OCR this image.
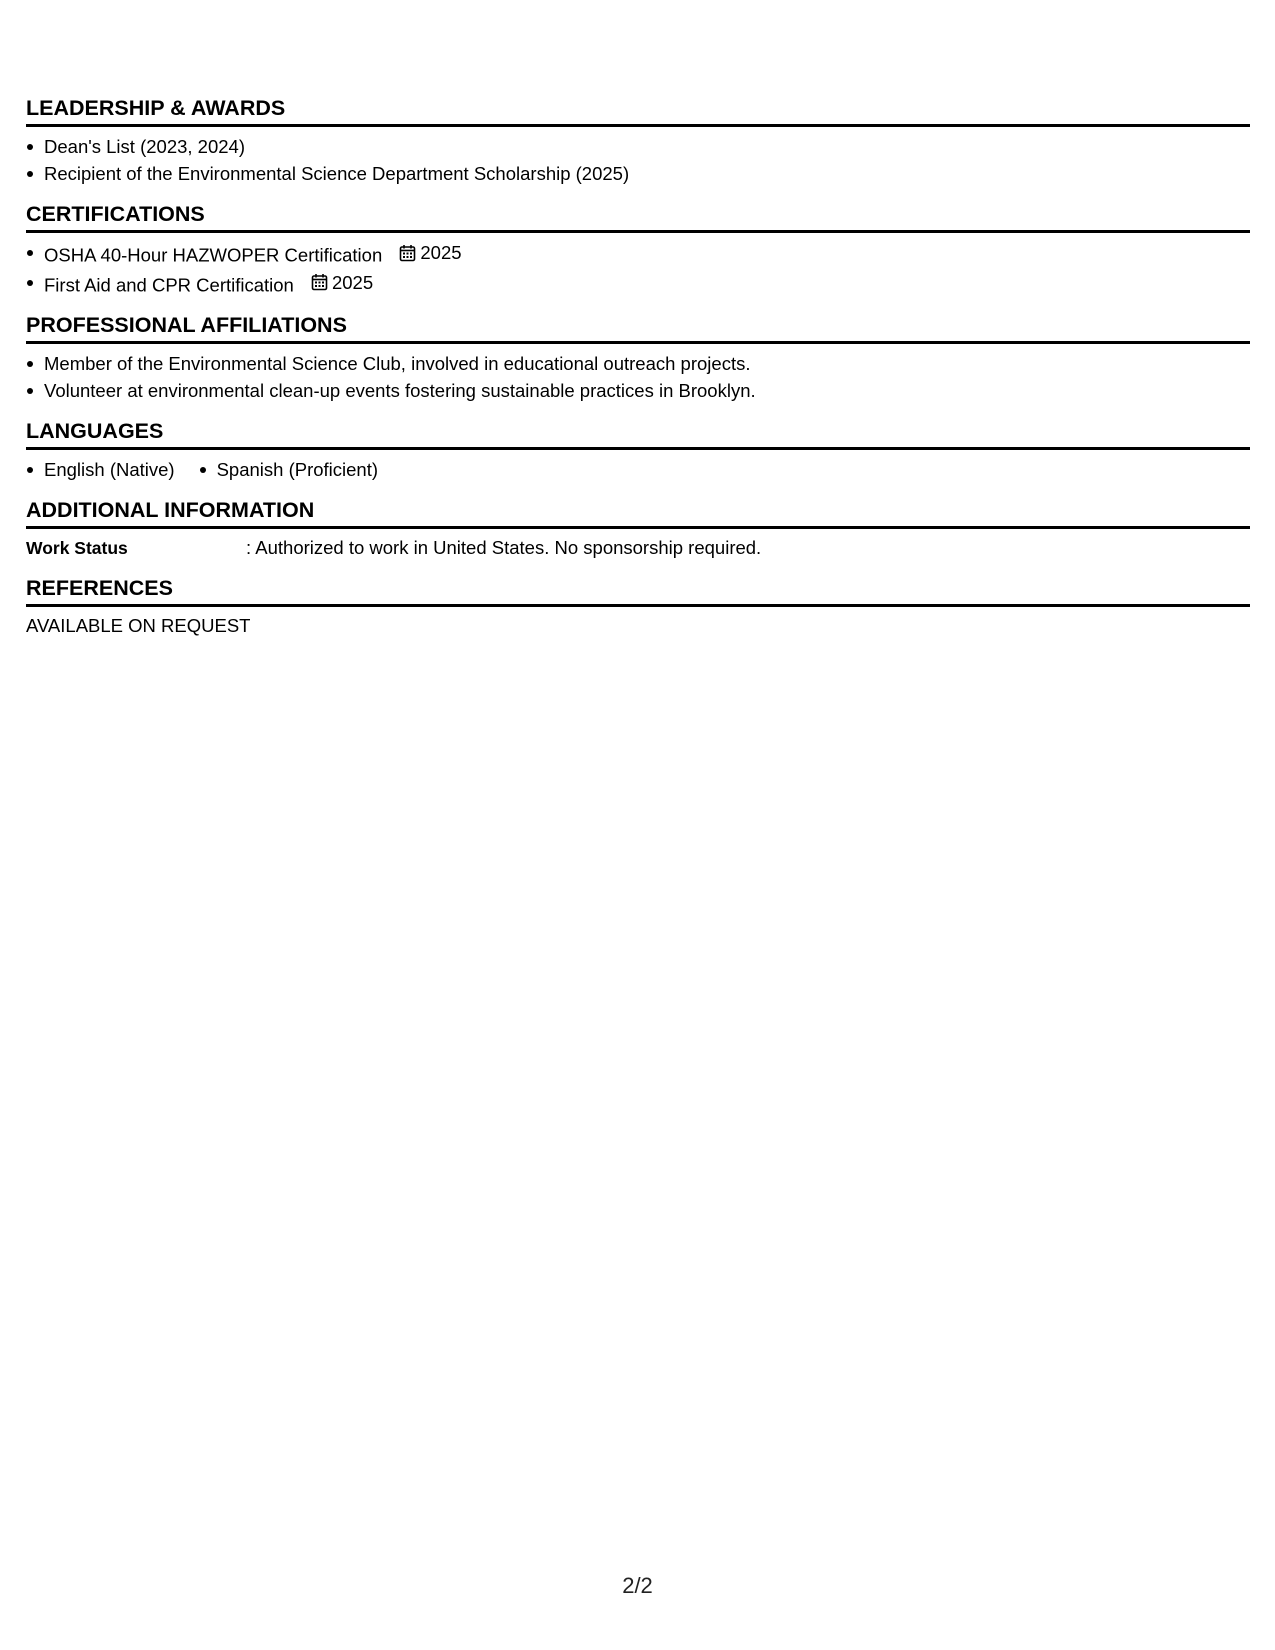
LEADERSHIP & AWARDS
Dean's List (2023, 2024)
Recipient of the Environmental Science Department Scholarship (2025)
CERTIFICATIONS
OSHA 40-Hour HAZWOPER Certification 2025
First Aid and CPR Certification 2025
PROFESSIONAL AFFILIATIONS
Member of the Environmental Science Club, involved in educational outreach projects.
Volunteer at environmental clean-up events fostering sustainable practices in Brooklyn.
LANGUAGES
English (Native)	Spanish (Proficient)
ADDITIONAL INFORMATION
Work Status	: Authorized to work in United States. No sponsorship required.
REFERENCES
AVAILABLE ON REQUEST
2/2
